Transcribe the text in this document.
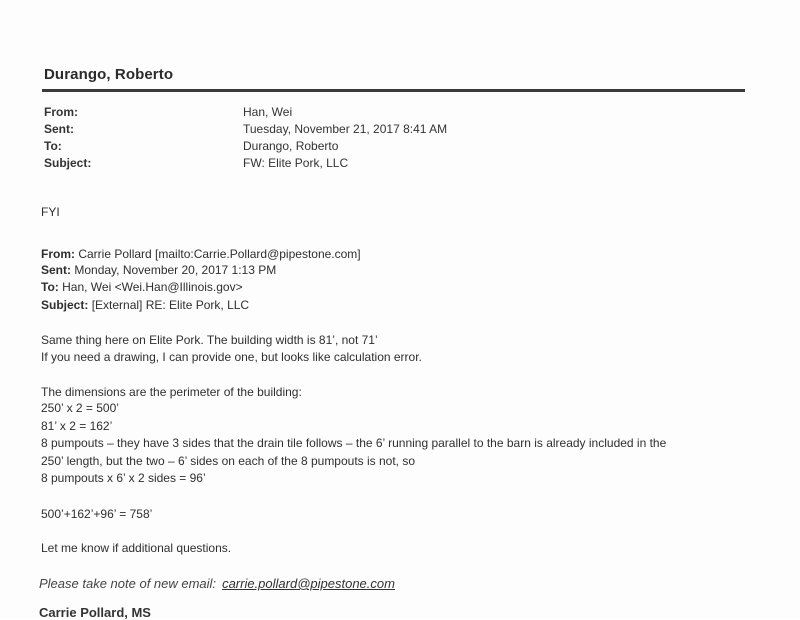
Durango, Roberto
From:	Han, Wei
Sent:	Tuesday, November 21, 2017 8:41 AM
To:	Durango, Roberto
Subject:	FW: Elite Pork, LLC
FYI
From: Carrie Pollard [mailto:Carrie.Pollard@pipestone.com]
Sent: Monday, November 20, 2017 1:13 PM
To: Han, Wei <Wei.Han@Illinois.gov>
Subject: [External] RE: Elite Pork, LLC
Same thing here on Elite Pork. The building width is 81’, not 71’
If you need a drawing, I can provide one, but looks like calculation error.
The dimensions are the perimeter of the building:
250’ x 2 = 500’
81’ x 2 = 162’
8 pumpouts – they have 3 sides that the drain tile follows – the 6’ running parallel to the barn is already included in the
250’ length, but the two – 6’ sides on each of the 8 pumpouts is not, so
8 pumpouts x 6’ x 2 sides = 96’
500’+162’+96’ = 758’
Let me know if additional questions.
Please take note of new email: carrie.pollard@pipestone.com
Carrie Pollard, MS
